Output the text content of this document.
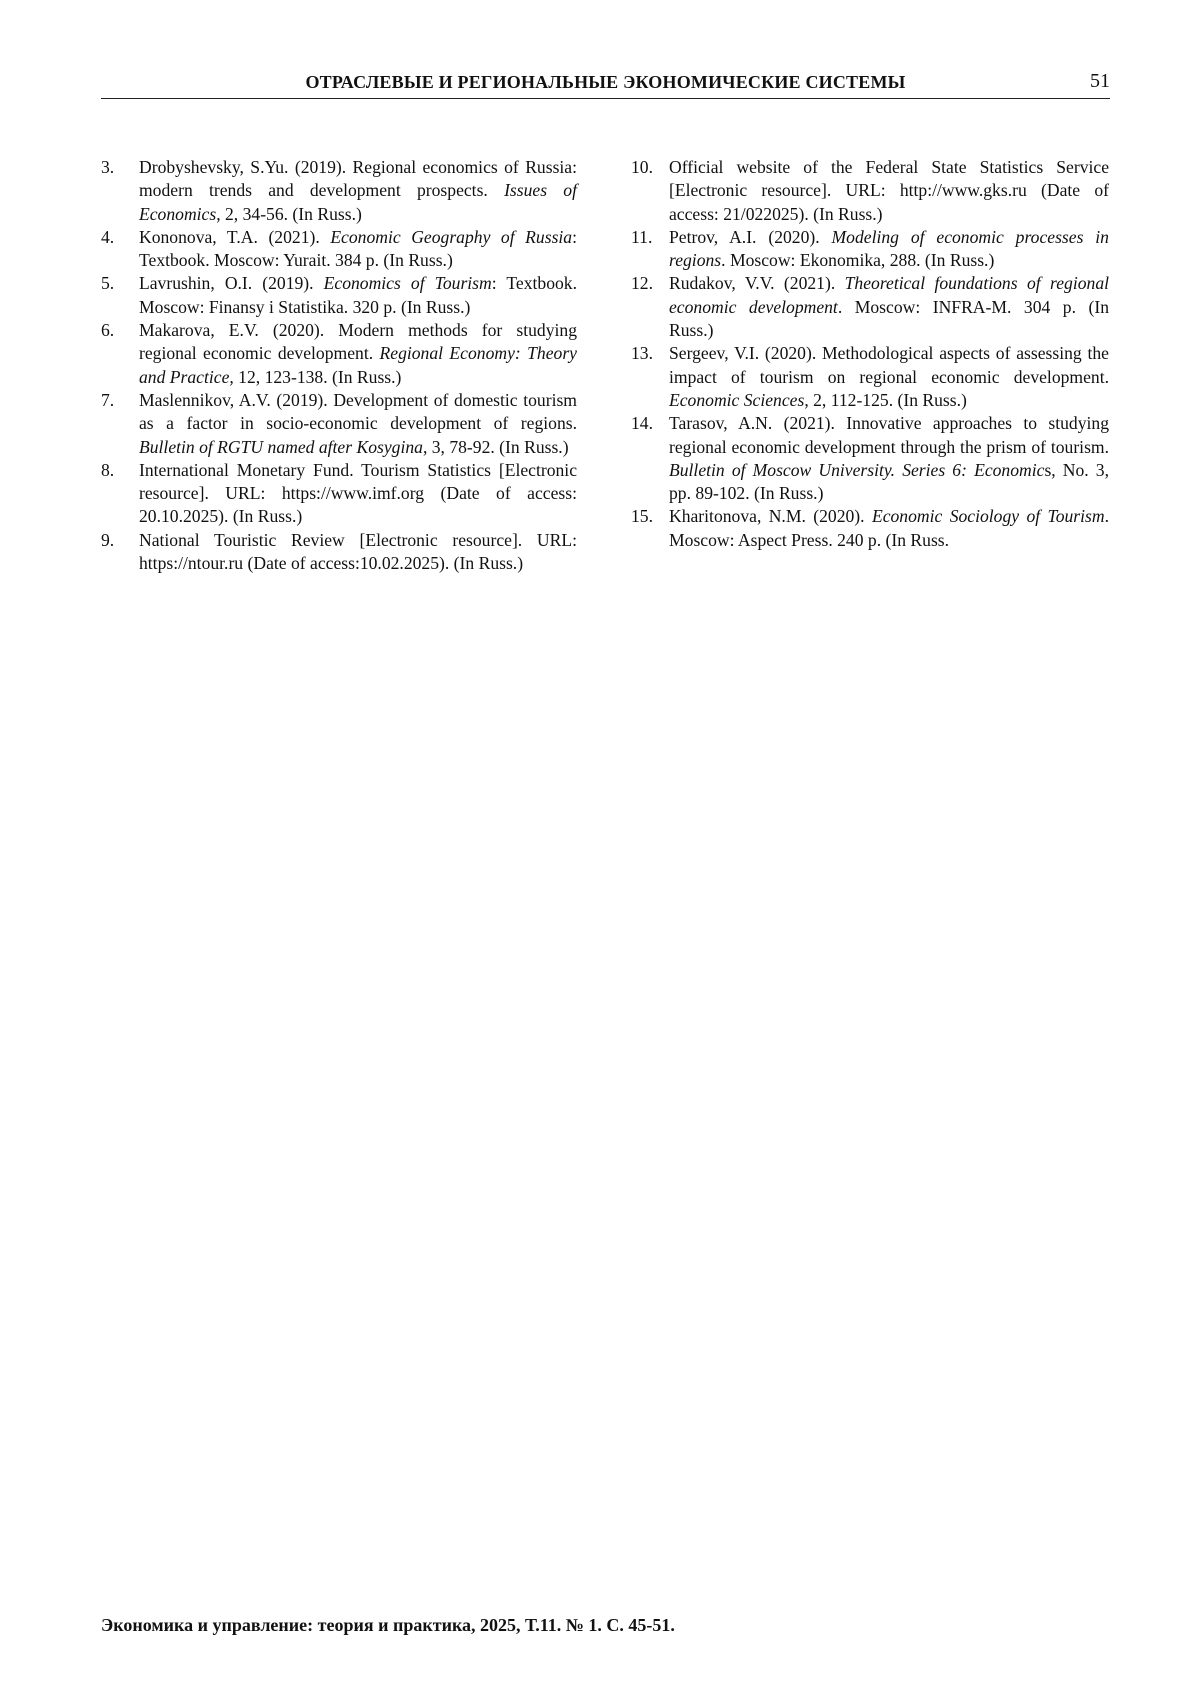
ОТРАСЛЕВЫЕ И РЕГИОНАЛЬНЫЕ ЭКОНОМИЧЕСКИЕ СИСТЕМЫ	51
3.	Drobyshevsky, S.Yu. (2019). Regional economics of Russia: modern trends and development prospects. Issues of Economics, 2, 34-56. (In Russ.)
4.	Kononova, T.A. (2021). Economic Geography of Russia: Textbook. Moscow: Yurait. 384 p. (In Russ.)
5.	Lavrushin, O.I. (2019). Economics of Tourism: Textbook. Moscow: Finansy i Statistika. 320 p. (In Russ.)
6.	Makarova, E.V. (2020). Modern methods for studying regional economic development. Regional Economy: Theory and Practice, 12, 123-138. (In Russ.)
7.	Maslennikov, A.V. (2019). Development of domestic tourism as a factor in socio-economic development of regions. Bulletin of RGTU named after Kosygina, 3, 78-92. (In Russ.)
8.	International Monetary Fund. Tourism Statistics [Electronic resource]. URL: https://www.imf.org (Date of access: 20.10.2025). (In Russ.)
9.	National Touristic Review [Electronic resource]. URL: https://ntour.ru (Date of access:10.02.2025). (In Russ.)
10. Official website of the Federal State Statistics Service [Electronic resource]. URL: http://www.gks.ru (Date of access: 21/022025). (In Russ.)
11. Petrov, A.I. (2020). Modeling of economic processes in regions. Moscow: Ekonomika, 288. (In Russ.)
12. Rudakov, V.V. (2021). Theoretical foundations of regional economic development. Moscow: INFRA-M. 304 p. (In Russ.)
13. Sergeev, V.I. (2020). Methodological aspects of assessing the impact of tourism on regional economic development. Economic Sciences, 2, 112-125. (In Russ.)
14. Tarasov, A.N. (2021). Innovative approaches to studying regional economic development through the prism of tourism. Bulletin of Moscow University. Series 6: Economics, No. 3, pp. 89-102. (In Russ.)
15. Kharitonova, N.M. (2020). Economic Sociology of Tourism. Moscow: Aspect Press. 240 p. (In Russ.
Экономика и управление: теория и практика, 2025, Т.11. № 1. С. 45-51.
